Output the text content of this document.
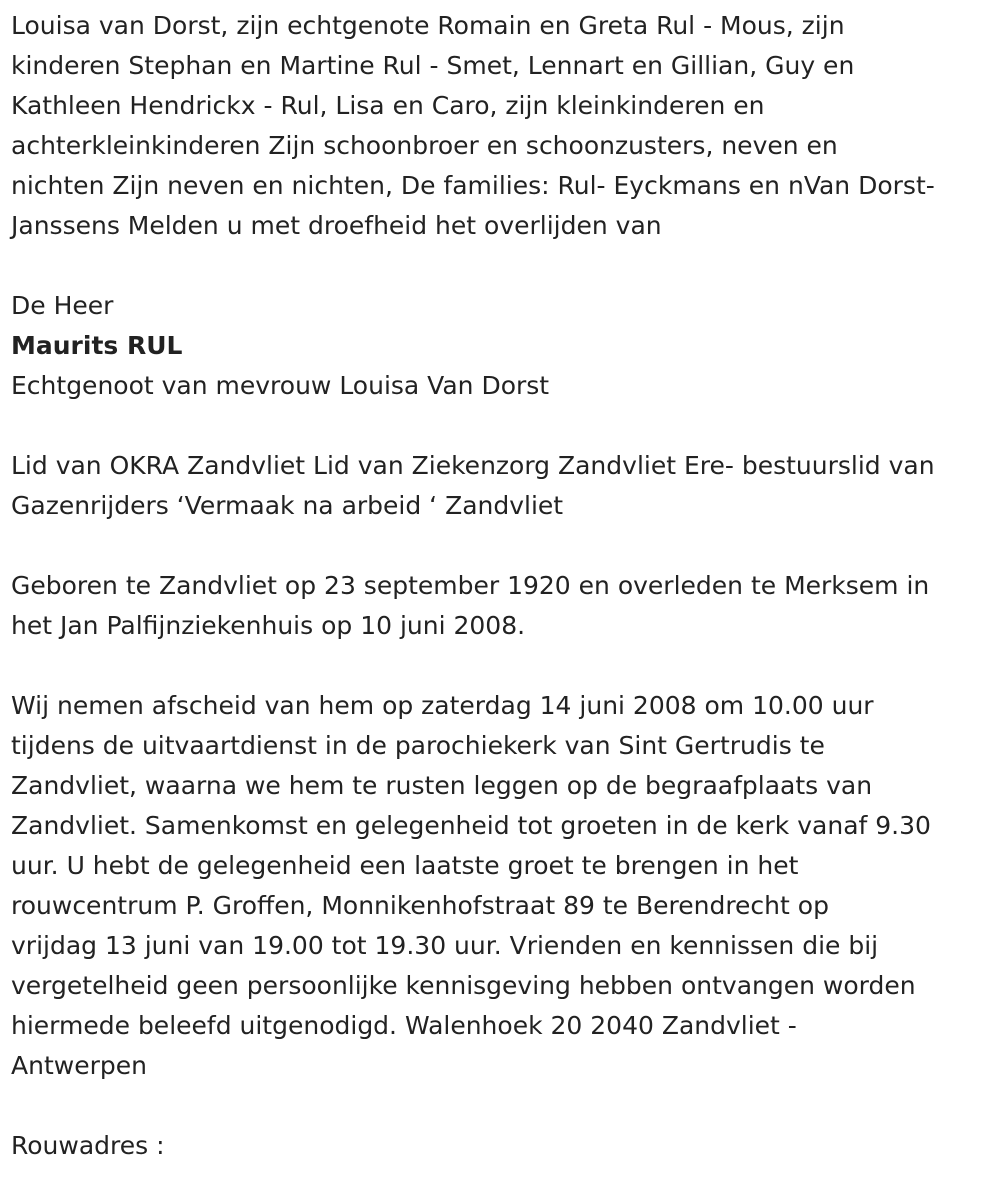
Louisa van Dorst, zijn echtgenote Romain en Greta Rul - Mous, zijn
kinderen Stephan en Martine Rul - Smet, Lennart en Gillian, Guy en
Kathleen Hendrickx - Rul, Lisa en Caro, zijn kleinkinderen en
achterkleinkinderen Zijn schoonbroer en schoonzusters, neven en
nichten Zijn neven en nichten, De families: Rul- Eyckmans en nVan Dorst-
Janssens Melden u met droefheid het overlijden van

De Heer

Maurits RUL

Echtgenoot van mevrouw Louisa Van Dorst

Lid van OKRA Zandvliet Lid van Ziekenzorg Zandvliet Ere- bestuurslid van
Gazenrijders ‘Vermaak na arbeid ‘ Zandvliet

Geboren te Zandvliet op 23 september 1920 en overleden te Merksem in
het Jan Palfijnziekenhuis op 10 juni 2008.

Wij nemen afscheid van hem op zaterdag 14 juni 2008 om 10.00 uur
tijdens de uitvaartdienst in de parochiekerk van Sint Gertrudis te
Zandvliet, waarna we hem te rusten leggen op de begraafplaats van
Zandvliet. Samenkomst en gelegenheid tot groeten in de kerk vanaf 9.30
uur. U hebt de gelegenheid een laatste groet te brengen in het
rouwcentrum P. Groffen, Monnikenhofstraat 89 te Berendrecht op
vrijdag 13 juni van 19.00 tot 19.30 uur. Vrienden en kennissen die bij
vergetelheid geen persoonlijke kennisgeving hebben ontvangen worden
hiermede beleefd uitgenodigd. Walenhoek 20 2040 Zandvliet -
Antwerpen

Rouwadres :
